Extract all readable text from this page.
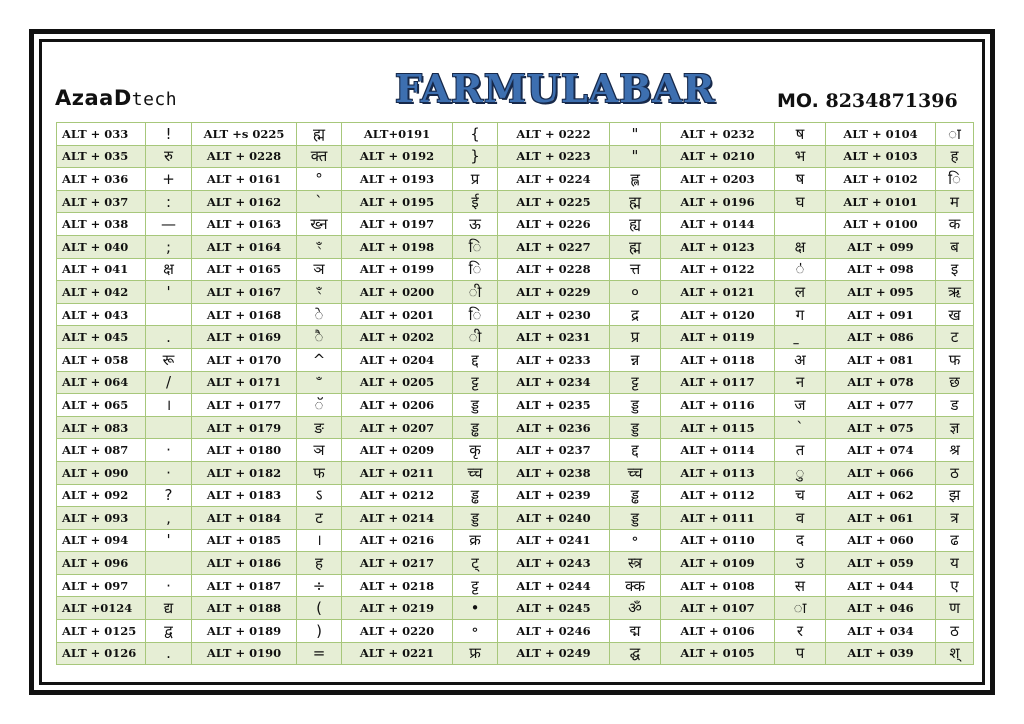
AzaaDtech	FARMULABAR	MO. 8234871396
ALT + 033	!	ALT +s 0225	ह्म	ALT+0191	{	ALT + 0222	"	ALT + 0232	ष	ALT + 0104	ा
ALT + 035	रु	ALT + 0228	क्त	ALT + 0192	}	ALT + 0223	"	ALT + 0210	भ	ALT + 0103	ह
ALT + 036	+	ALT + 0161	°	ALT + 0193	प्र	ALT + 0224	ह्ल	ALT + 0203	ष	ALT + 0102	ि
ALT + 037	:	ALT + 0162	`	ALT + 0195	ई	ALT + 0225	ह्म	ALT + 0196	घ	ALT + 0101	म
ALT + 038	—	ALT + 0163	ख्न	ALT + 0197	ऊ	ALT + 0226	ह्य	ALT + 0144		ALT + 0100	क
ALT + 040	;	ALT + 0164	ꣳ	ALT + 0198	ि	ALT + 0227	ह्म	ALT + 0123	क्ष	ALT + 099	ब
ALT + 041	क्ष	ALT + 0165	ञ	ALT + 0199	ि	ALT + 0228	त्त	ALT + 0122	ऺ	ALT + 098	इ
ALT + 042	'	ALT + 0167	ꣳ	ALT + 0200	ी	ALT + 0229	०	ALT + 0121	ल	ALT + 095	ऋ
ALT + 043		ALT + 0168	े	ALT + 0201	ि	ALT + 0230	द्र	ALT + 0120	ग	ALT + 091	ख
ALT + 045	.	ALT + 0169	ै	ALT + 0202	ी	ALT + 0231	प्र	ALT + 0119		ALT + 086	ट
ALT + 058	रू	ALT + 0170	^	ALT + 0204	द्द	ALT + 0233	न्न	ALT + 0118	अ	ALT + 081	फ
ALT + 064	/	ALT + 0171	ꣲ	ALT + 0205	ट्ट	ALT + 0234	ट्ट	ALT + 0117	न	ALT + 078	छ
ALT + 065	।	ALT + 0177	ॅ	ALT + 0206	ड्ड	ALT + 0235	ड्ड	ALT + 0116	ज	ALT + 077	ड
ALT + 083		ALT + 0179	ङ	ALT + 0207	ड्ढ	ALT + 0236	ड्ड	ALT + 0115	`	ALT + 075	ज्ञ
ALT + 087	·	ALT + 0180	ञ	ALT + 0209	कृ	ALT + 0237	द्द	ALT + 0114	त	ALT + 074	श्र
ALT + 090	·	ALT + 0182	फ	ALT + 0211	च्च	ALT + 0238	च्च	ALT + 0113	ु	ALT + 066	ठ
ALT + 092	?	ALT + 0183	ऽ	ALT + 0212	ड्ढ	ALT + 0239	ड्ढ	ALT + 0112	च	ALT + 062	झ
ALT + 093	,	ALT + 0184	ट	ALT + 0214	ड्ड	ALT + 0240	ड्ड	ALT + 0111	व	ALT + 061	त्र
ALT + 094	'	ALT + 0185	।	ALT + 0216	क्र	ALT + 0241	॰	ALT + 0110	द	ALT + 060	ढ
ALT + 096		ALT + 0186	ह	ALT + 0217	ट्	ALT + 0243	स्त्र	ALT + 0109	उ	ALT + 059	य
ALT + 097	·	ALT + 0187	÷	ALT + 0218	ट्ट	ALT + 0244	क्क	ALT + 0108	स	ALT + 044	ए
ALT +0124	द्य	ALT + 0188	(	ALT + 0219	•	ALT + 0245	ॐ	ALT + 0107	ा	ALT + 046	ण
ALT + 0125	द्व	ALT + 0189	)	ALT + 0220	॰	ALT + 0246	द्म	ALT + 0106	र	ALT + 034	ठ
ALT + 0126	.	ALT + 0190	=	ALT + 0221	फ्र	ALT + 0249	द्घ	ALT + 0105	प	ALT + 039	श्
